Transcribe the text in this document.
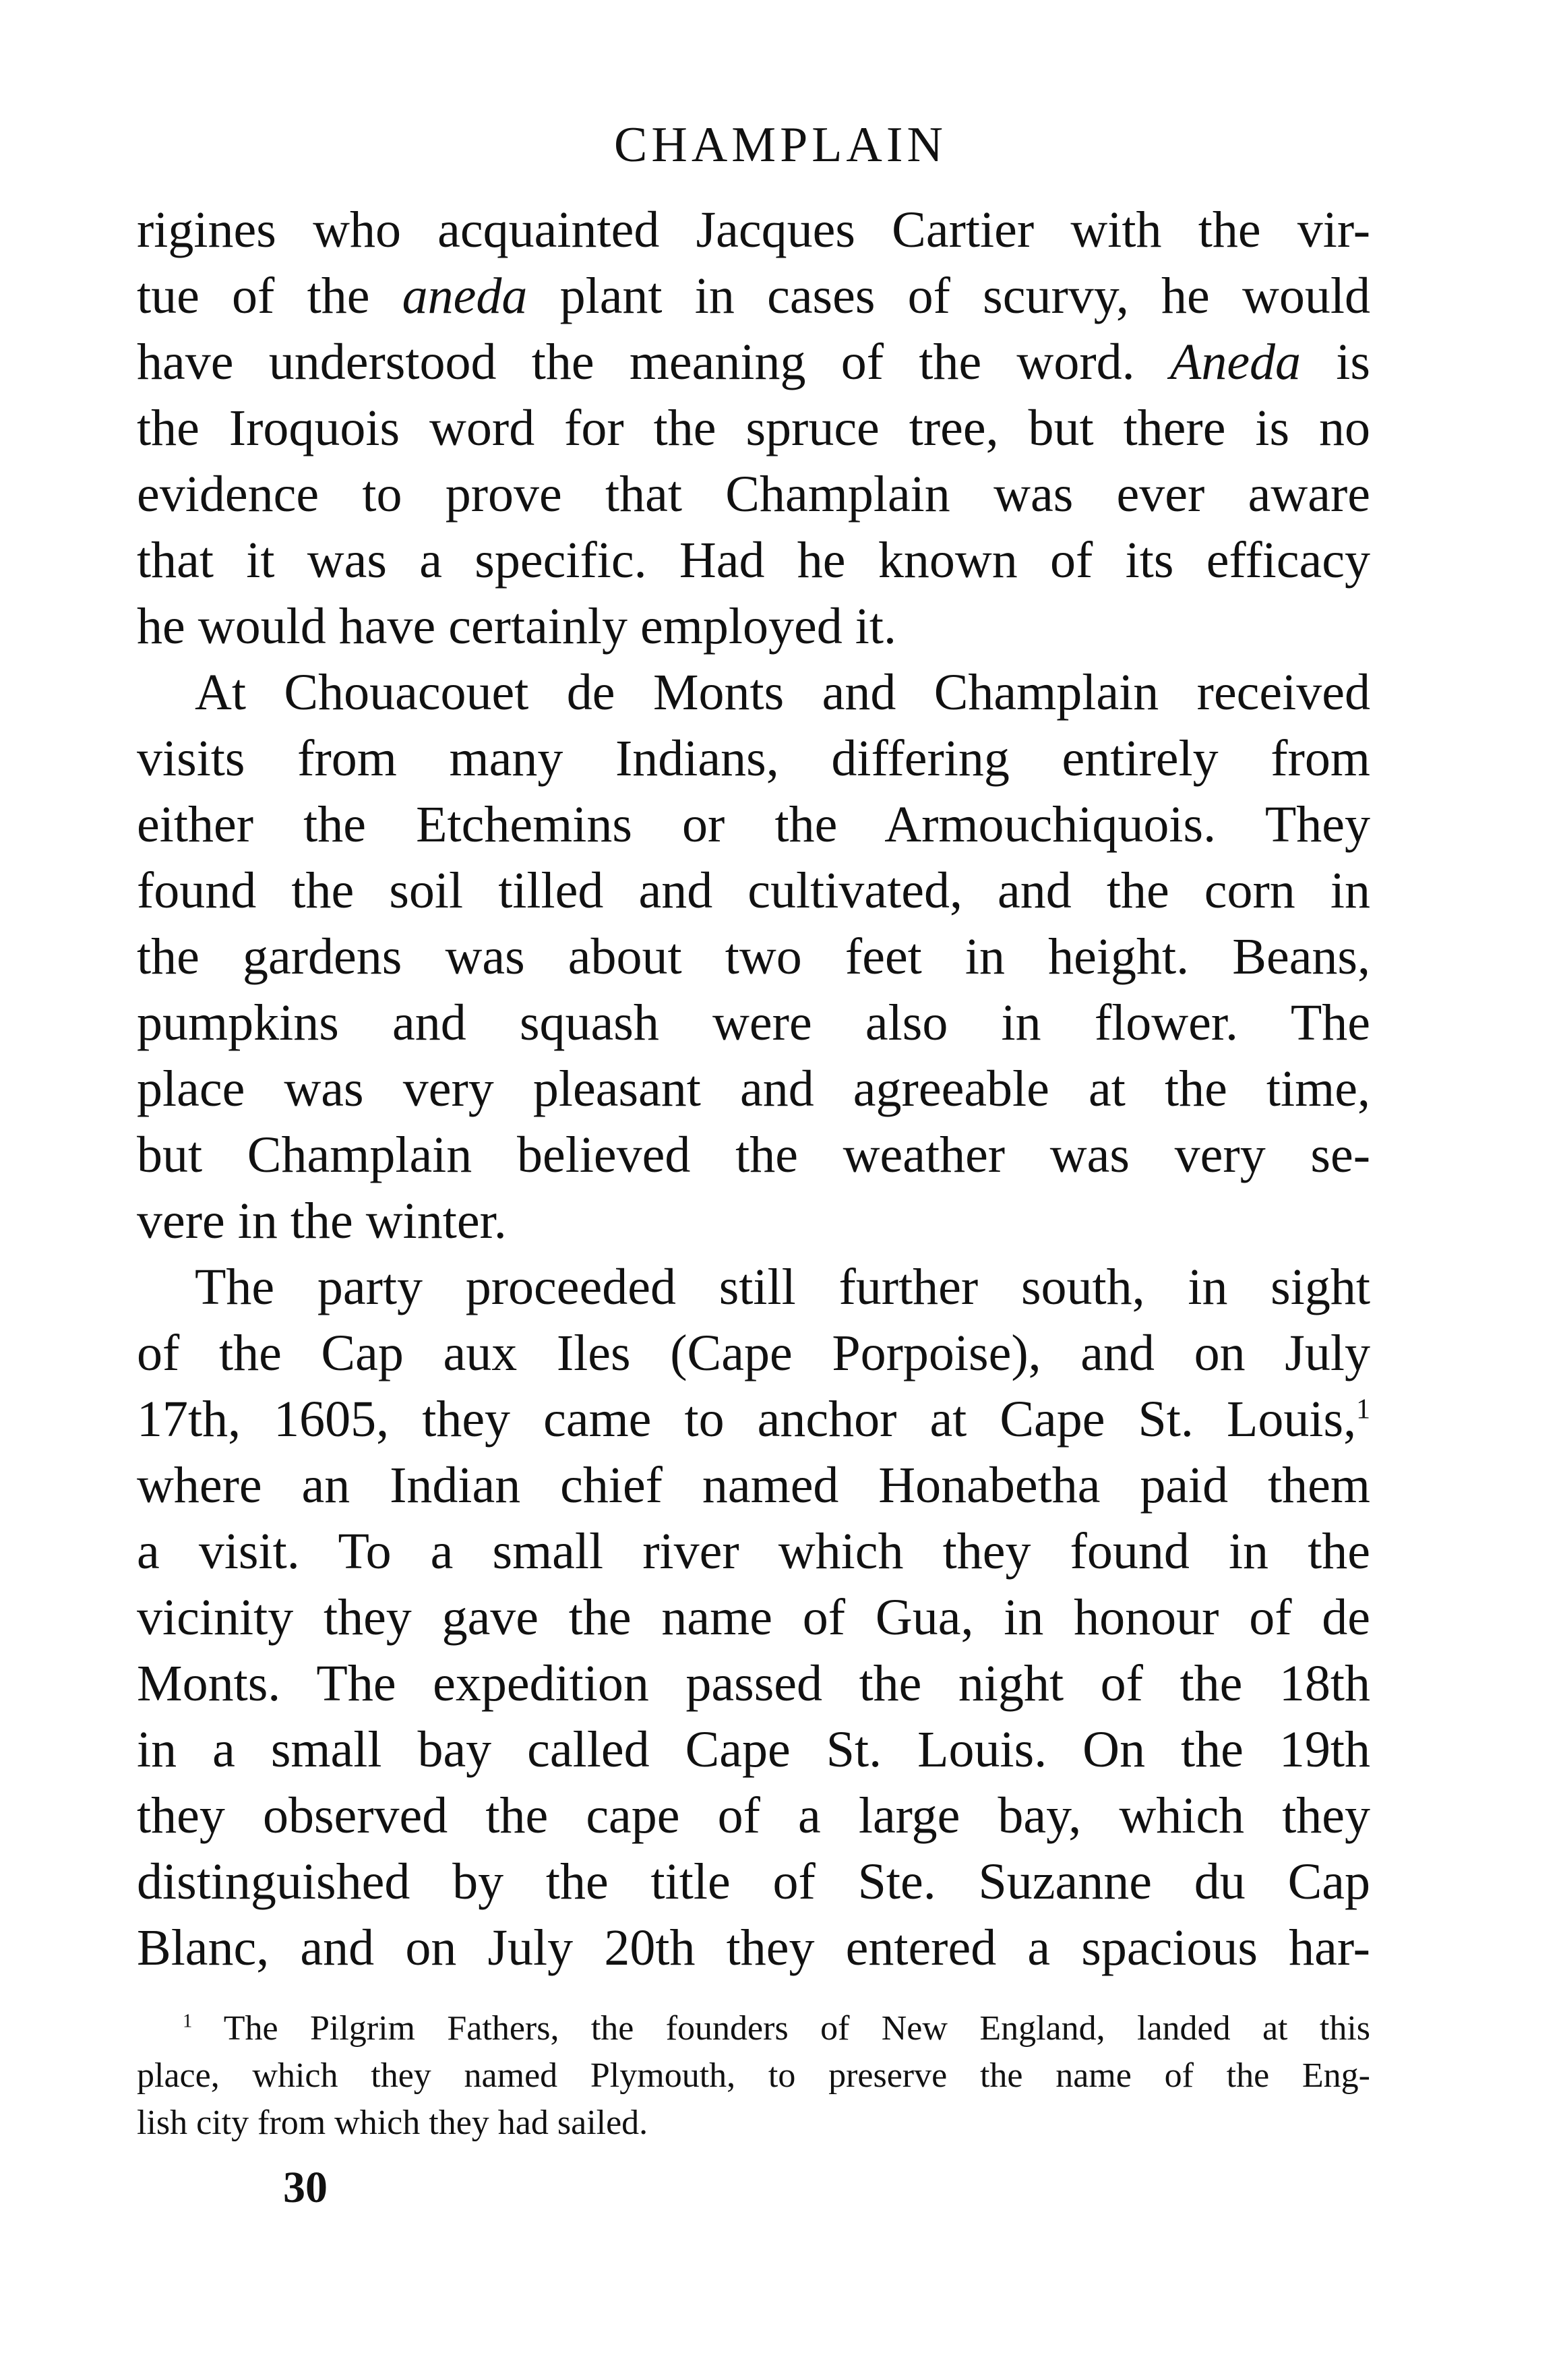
CHAMPLAIN
rigines who acquainted Jacques Cartier with the vir-
tue of the aneda plant in cases of scurvy, he would
have understood the meaning of the word. Aneda is
the Iroquois word for the spruce tree, but there is no
evidence to prove that Champlain was ever aware
that it was a specific. Had he known of its efficacy
he would have certainly employed it.
At Chouacouet de Monts and Champlain received
visits from many Indians, differing entirely from
either the Etchemins or the Armouchiquois. They
found the soil tilled and cultivated, and the corn in
the gardens was about two feet in height. Beans,
pumpkins and squash were also in flower. The
place was very pleasant and agreeable at the time,
but Champlain believed the weather was very se-
vere in the winter.
The party proceeded still further south, in sight
of the Cap aux Iles (Cape Porpoise), and on July
17th, 1605, they came to anchor at Cape St. Louis,$^1$
where an Indian chief named Honabetha paid them
a visit. To a small river which they found in the
vicinity they gave the name of Gua, in honour of de
Monts. The expedition passed the night of the 18th
in a small bay called Cape St. Louis. On the 19th
they observed the cape of a large bay, which they
distinguished by the title of Ste. Suzanne du Cap
Blanc, and on July 20th they entered a spacious har-
$^1$ The Pilgrim Fathers, the founders of New England, landed at this
place, which they named Plymouth, to preserve the name of the Eng-
lish city from which they had sailed.
30
